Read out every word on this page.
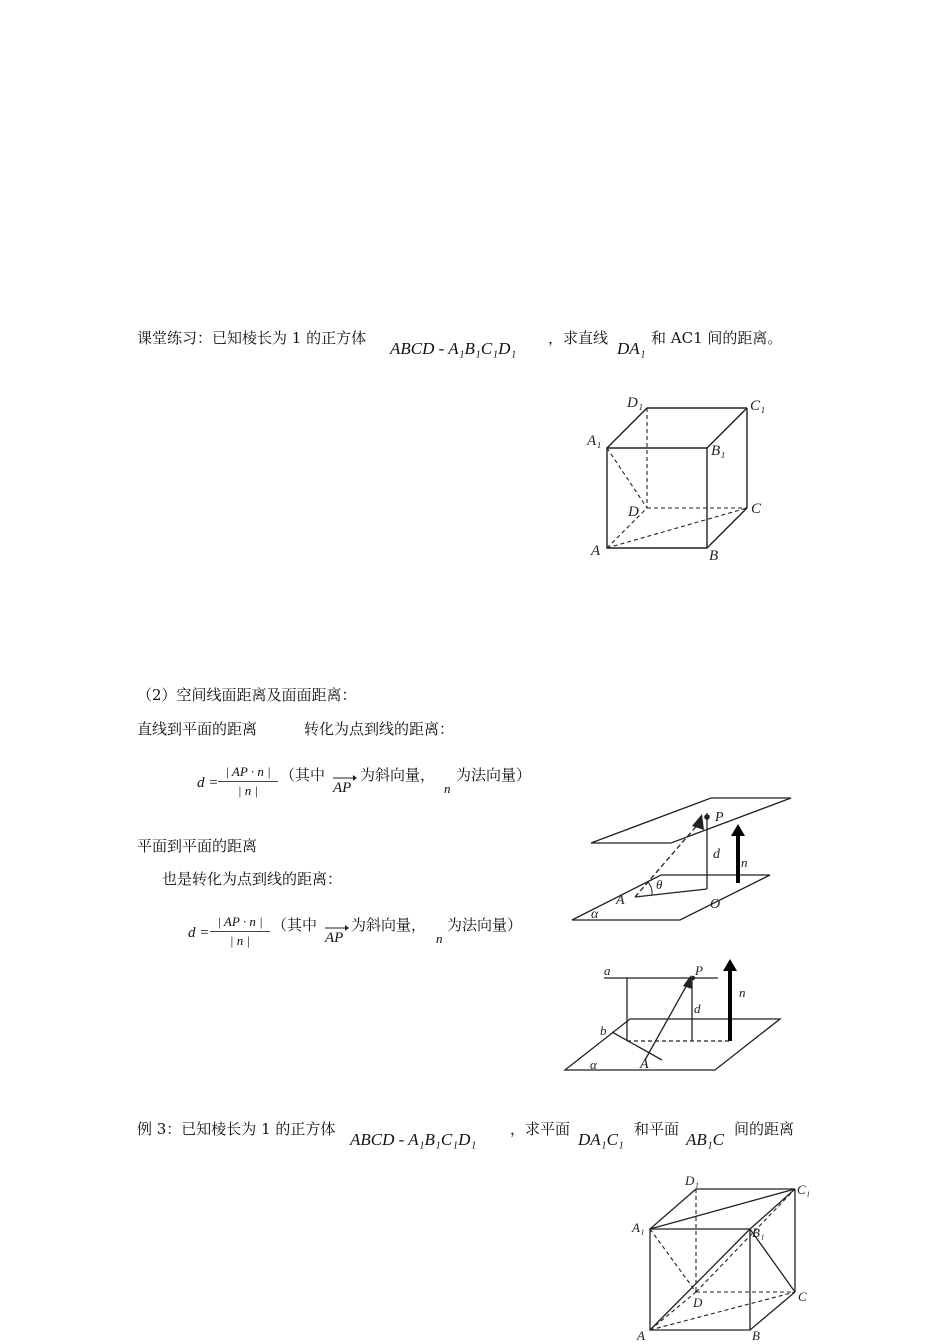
课堂练习：已知棱长为 1 的正方体
ABCD - A₁B₁C₁D₁
，求直线
DA₁
和 AC1 间的距离。
D₁	C₁
A₁
B₁
D	C
A	B
（2）空间线面距离及面面距离：
直线到平面的距离	转化为点到线的距离：
d =
| AP · n |
| n |
（其中
AP
为斜向量，
n
为法向量）
平面到平面的距离
也是转化为点到线的距离：
d =
| AP · n |
| n |
（其中
AP
为斜向量，
n
为法向量）
P
d
n
θ
A	O
α
a	P
n
d
b
A
α
例 3：已知棱长为 1 的正方体
ABCD - A₁B₁C₁D₁
，求平面
DA₁C₁
和平面
AB₁C
间的距离
D₁
C₁
A₁	B₁
D	C
A	B
